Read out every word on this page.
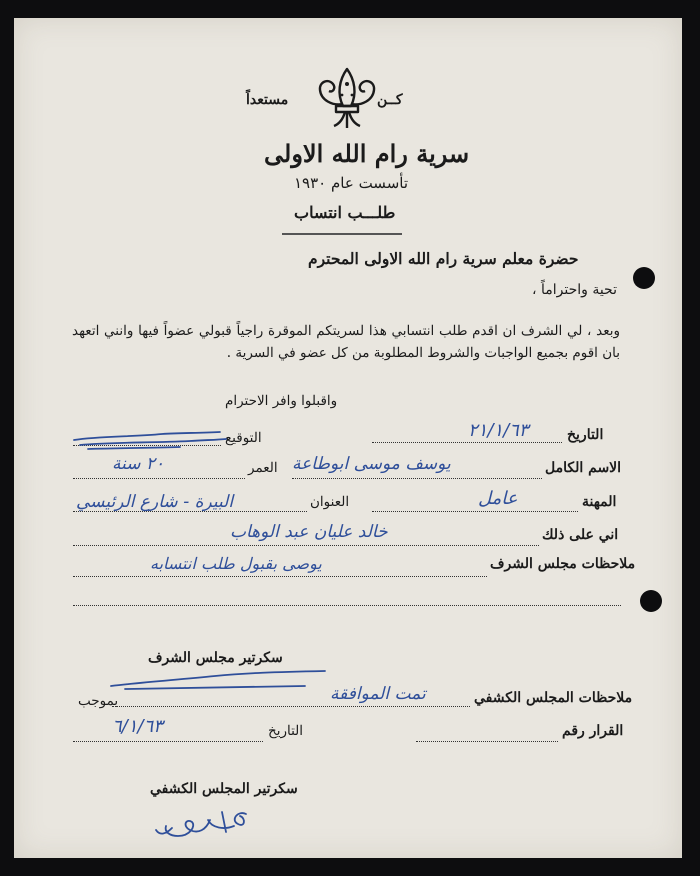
كــن
مستعداً
سرية رام الله الاولى
تأسست عام ١٩٣٠
طلـــب انتساب
حضرة معلم سرية رام الله الاولى المحترم
تحية واحتراماً ،
وبعد ، لي الشرف ان اقدم طلب انتسابي هذا لسريتكم الموقرة راجياً قبولي عضواً فيها وانني اتعهد بان اقوم بجميع الواجبات والشروط المطلوبة من كل عضو في السرية .
واقبلوا وافر الاحترام
التاريخ
٢١/١/٦٣
التوقيع
الاسم الكامل
يوسف موسى ابوطاعة
العمر
٢٠ سنة
المهنة
عامل
العنوان
البيرة - شارع الرئيسي
اني على ذلك
خالد عليان عبد الوهاب
ملاحظات مجلس الشرف
يوصى بقبول طلب انتسابه
سكرتير مجلس الشرف
ملاحظات المجلس الكشفي
تمت الموافقة
بموجب
القرار رقم
التاريخ
٦/١/٦٣
سكرتير المجلس الكشفي
